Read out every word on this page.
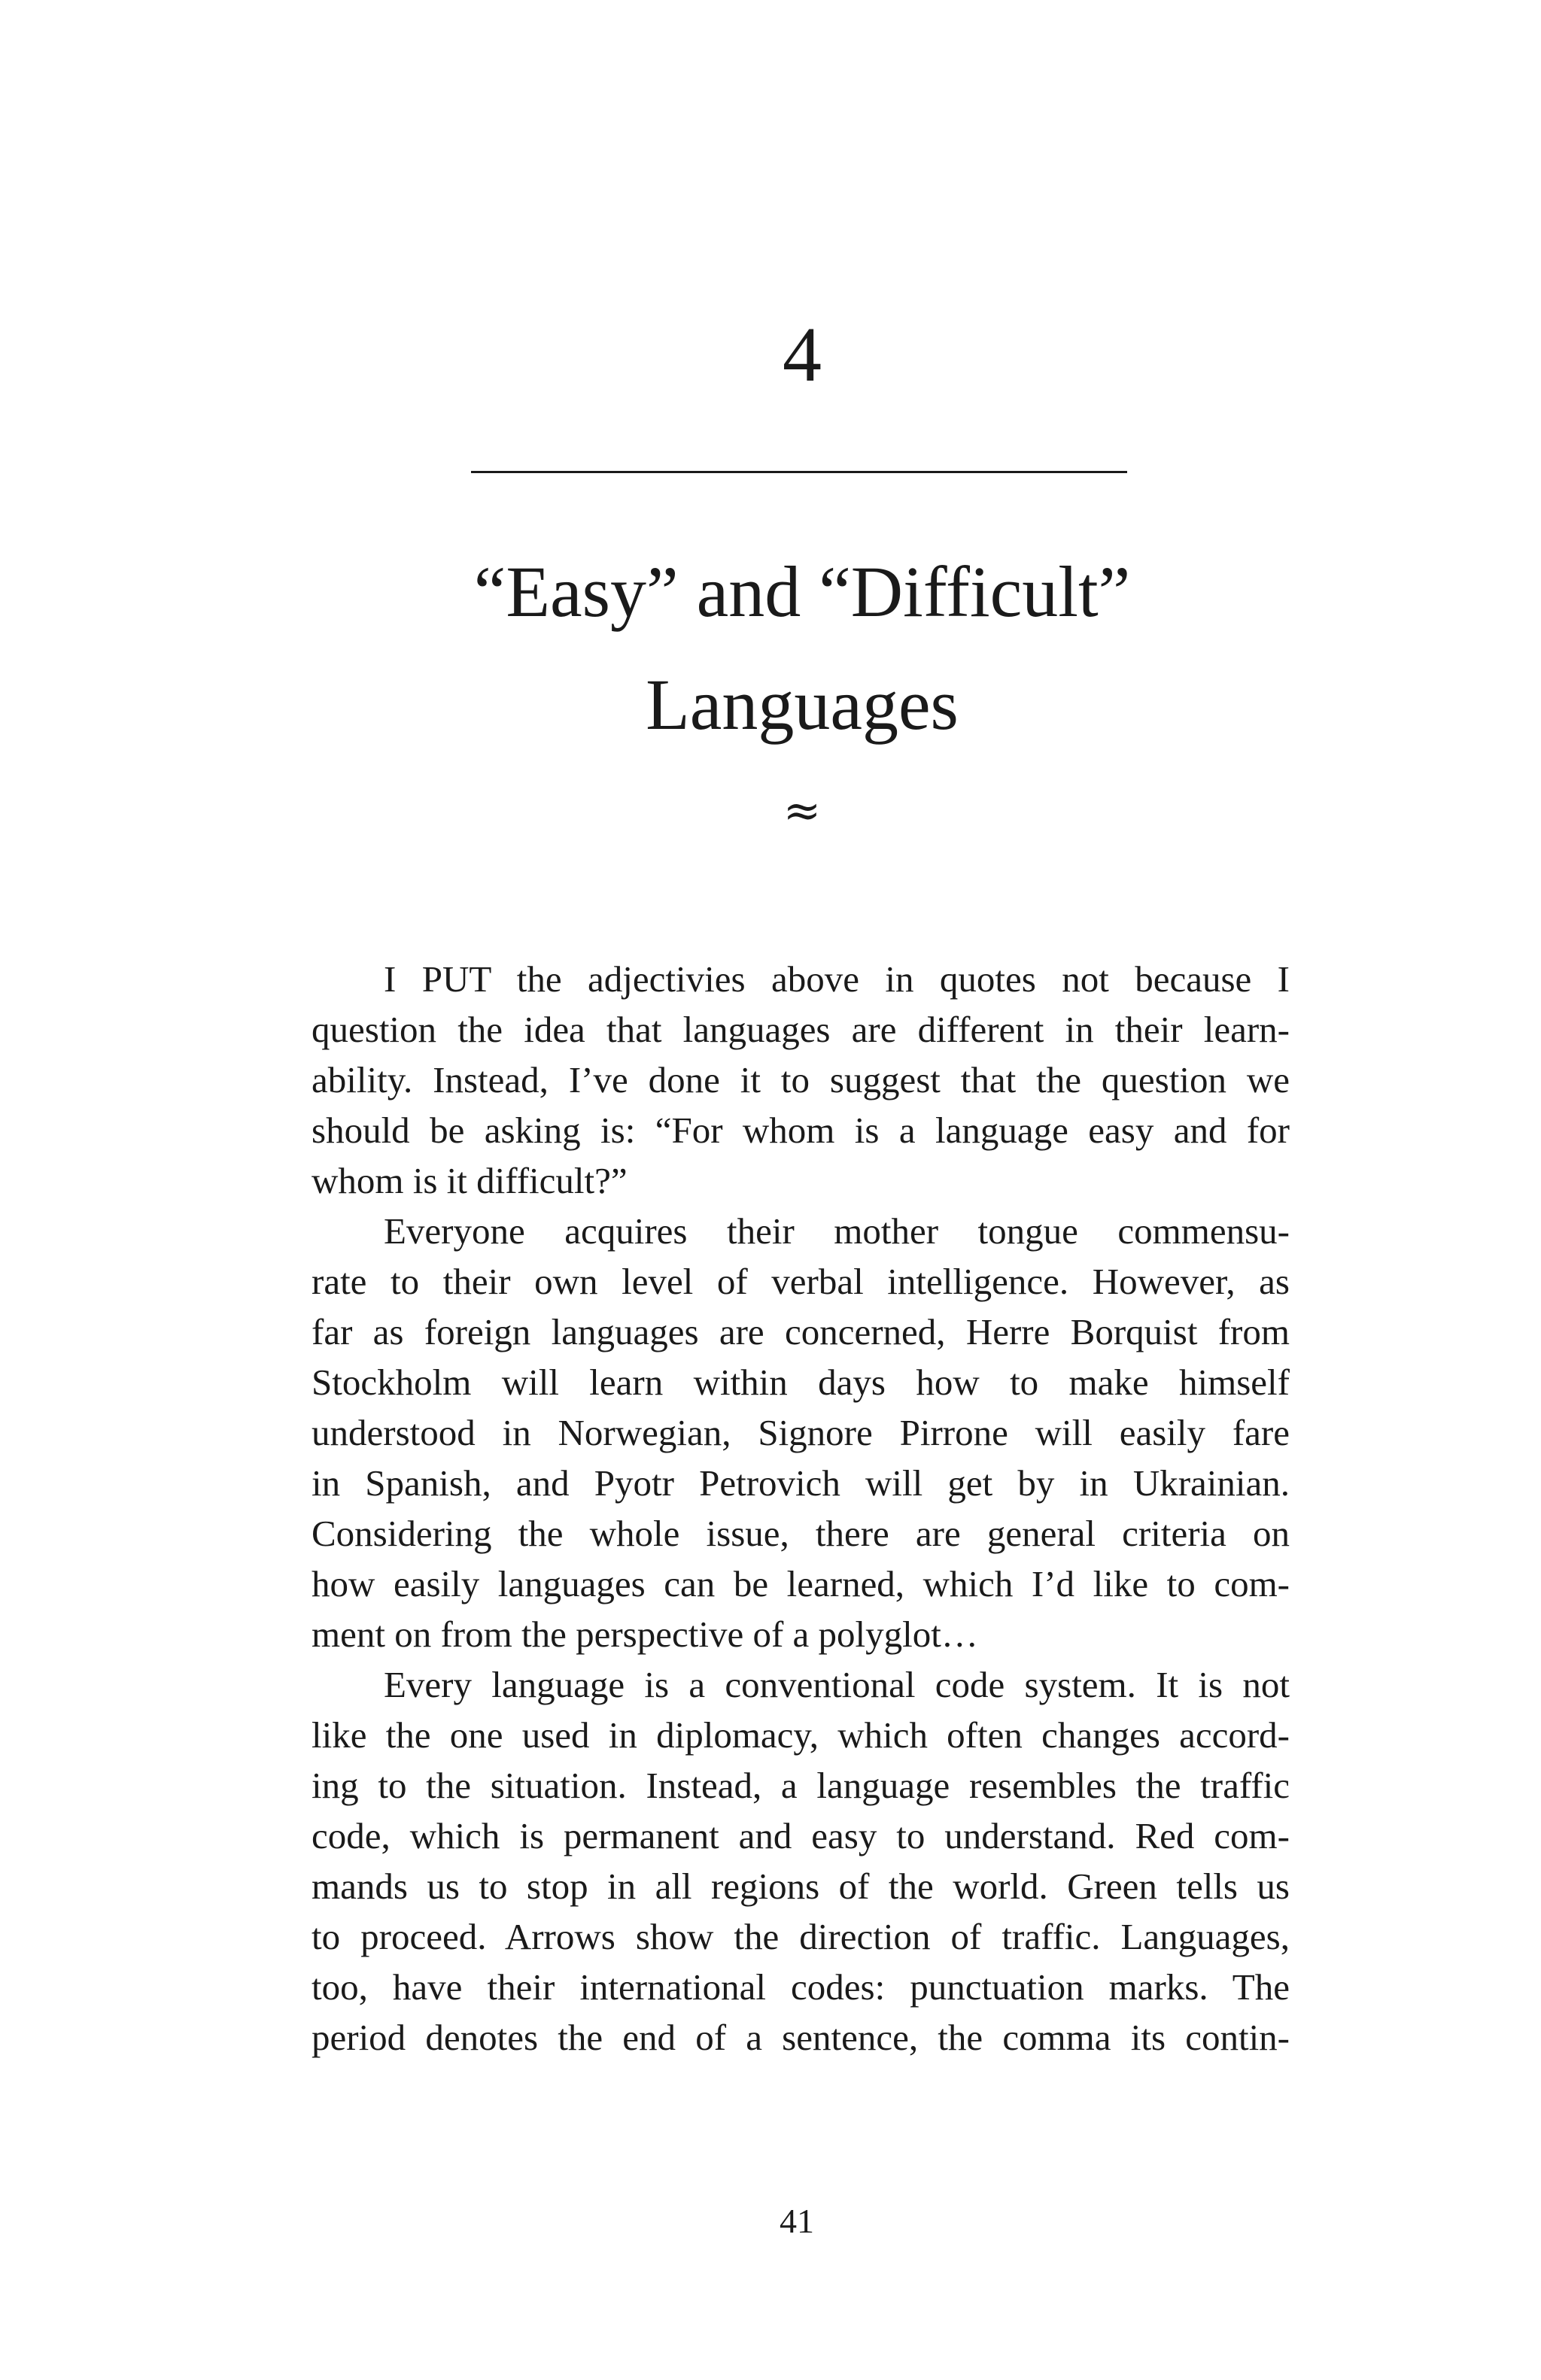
4
“Easy” and “Difficult”
Languages
≈
I PUT the adjectivies above in quotes not because I
question the idea that languages are different in their learn-
ability. Instead, I’ve done it to suggest that the question we
should be asking is: “For whom is a language easy and for
whom is it difficult?”
Everyone acquires their mother tongue commensu-
rate to their own level of verbal intelligence. However, as
far as foreign languages are concerned, Herre Borquist from
Stockholm will learn within days how to make himself
understood in Norwegian, Signore Pirrone will easily fare
in Spanish, and Pyotr Petrovich will get by in Ukrainian.
Considering the whole issue, there are general criteria on
how easily languages can be learned, which I’d like to com-
ment on from the perspective of a polyglot…
Every language is a conventional code system. It is not
like the one used in diplomacy, which often changes accord-
ing to the situation. Instead, a language resembles the traffic
code, which is permanent and easy to understand. Red com-
mands us to stop in all regions of the world. Green tells us
to proceed. Arrows show the direction of traffic. Languages,
too, have their international codes: punctuation marks. The
period denotes the end of a sentence, the comma its contin-
41
